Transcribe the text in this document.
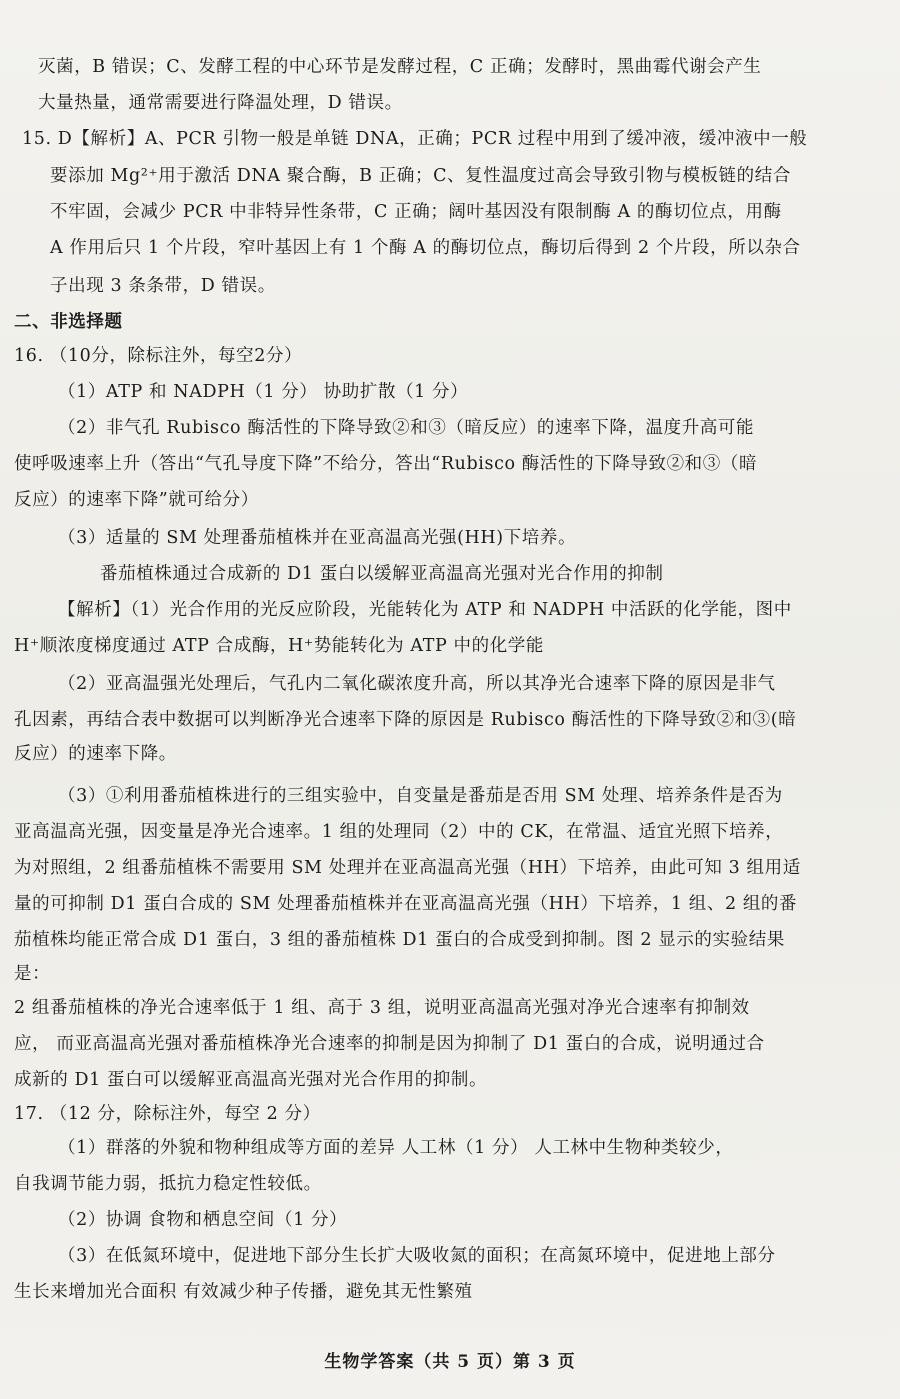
灭菌，B 错误；C、发酵工程的中心环节是发酵过程，C 正确；发酵时，黑曲霉代谢会产生
大量热量，通常需要进行降温处理，D 错误。
15. D【解析】A、PCR 引物一般是单链 DNA，正确；PCR 过程中用到了缓冲液，缓冲液中一般
要添加 Mg²⁺用于激活 DNA 聚合酶，B 正确；C、复性温度过高会导致引物与模板链的结合
不牢固，会减少 PCR 中非特异性条带，C 正确；阔叶基因没有限制酶 A 的酶切位点，用酶
A 作用后只 1 个片段，窄叶基因上有 1 个酶 A 的酶切位点，酶切后得到 2 个片段，所以杂合
子出现 3 条条带，D 错误。
二、非选择题
16. （10分，除标注外，每空2分）
（1）ATP 和 NADPH（1 分） 协助扩散（1 分）
（2）非气孔 Rubisco 酶活性的下降导致②和③（暗反应）的速率下降，温度升高可能
使呼吸速率上升（答出“气孔导度下降”不给分，答出“Rubisco 酶活性的下降导致②和③（暗
反应）的速率下降”就可给分）
（3）适量的 SM 处理番茄植株并在亚高温高光强(HH)下培养。
番茄植株通过合成新的 D1 蛋白以缓解亚高温高光强对光合作用的抑制
【解析】（1）光合作用的光反应阶段，光能转化为 ATP 和 NADPH 中活跃的化学能，图中
H⁺顺浓度梯度通过 ATP 合成酶，H⁺势能转化为 ATP 中的化学能
（2）亚高温强光处理后，气孔内二氧化碳浓度升高，所以其净光合速率下降的原因是非气
孔因素，再结合表中数据可以判断净光合速率下降的原因是 Rubisco 酶活性的下降导致②和③(暗
反应）的速率下降。
（3）①利用番茄植株进行的三组实验中，自变量是番茄是否用 SM 处理、培养条件是否为
亚高温高光强，因变量是净光合速率。1 组的处理同（2）中的 CK，在常温、适宜光照下培养，
为对照组，2 组番茄植株不需要用 SM 处理并在亚高温高光强（HH）下培养，由此可知 3 组用适
量的可抑制 D1 蛋白合成的 SM 处理番茄植株并在亚高温高光强（HH）下培养，1 组、2 组的番
茄植株均能正常合成 D1 蛋白，3 组的番茄植株 D1 蛋白的合成受到抑制。图 2 显示的实验结果
是：
2 组番茄植株的净光合速率低于 1 组、高于 3 组，说明亚高温高光强对净光合速率有抑制效
应， 而亚高温高光强对番茄植株净光合速率的抑制是因为抑制了 D1 蛋白的合成，说明通过合
成新的 D1 蛋白可以缓解亚高温高光强对光合作用的抑制。
17. （12 分，除标注外，每空 2 分）
（1）群落的外貌和物种组成等方面的差异 人工林（1 分） 人工林中生物种类较少，
自我调节能力弱，抵抗力稳定性较低。
（2）协调 食物和栖息空间（1 分）
（3）在低氮环境中，促进地下部分生长扩大吸收氮的面积；在高氮环境中，促进地上部分
生长来增加光合面积 有效减少种子传播，避免其无性繁殖
生物学答案（共 5 页）第 3 页
